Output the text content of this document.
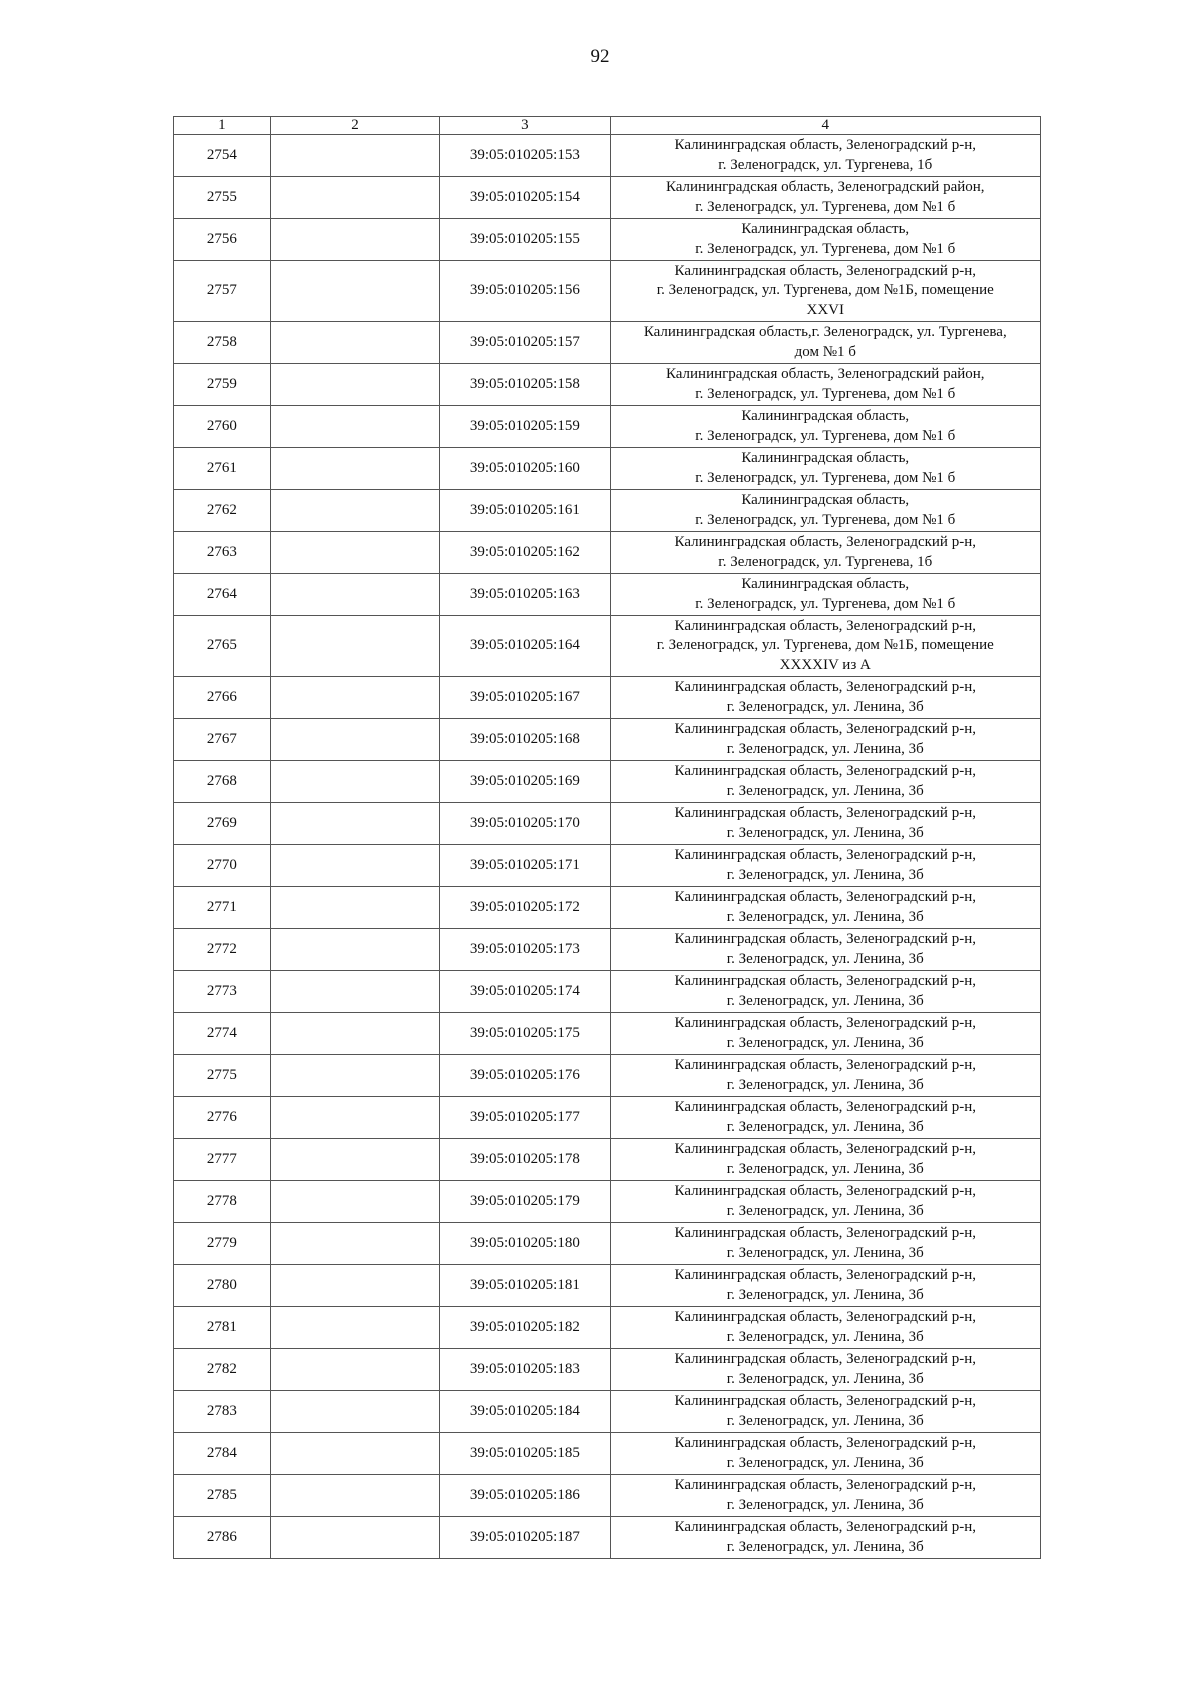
92
1	2	3	4
2754		39:05:010205:153	Калининградская область, Зеленоградский р-н,
г. Зеленоградск, ул. Тургенева, 1б

2755		39:05:010205:154	Калининградская область, Зеленоградский район,
г. Зеленоградск, ул. Тургенева, дом №1 б

2756		39:05:010205:155	Калининградская область,
г. Зеленоградск, ул. Тургенева, дом №1 б

2757		39:05:010205:156	Калининградская область, Зеленоградский р-н,
г. Зеленоградск, ул. Тургенева, дом №1Б, помещение
XXVI

2758		39:05:010205:157	Калининградская область,г. Зеленоградск, ул. Тургенева,
дом №1 б

2759		39:05:010205:158	Калининградская область, Зеленоградский район,
г. Зеленоградск, ул. Тургенева, дом №1 б

2760		39:05:010205:159	Калининградская область,
г. Зеленоградск, ул. Тургенева, дом №1 б

2761		39:05:010205:160	Калининградская область,
г. Зеленоградск, ул. Тургенева, дом №1 б

2762		39:05:010205:161	Калининградская область,
г. Зеленоградск, ул. Тургенева, дом №1 б

2763		39:05:010205:162	Калининградская область, Зеленоградский р-н,
г. Зеленоградск, ул. Тургенева, 1б

2764		39:05:010205:163	Калининградская область,
г. Зеленоградск, ул. Тургенева, дом №1 б

2765		39:05:010205:164	Калининградская область, Зеленоградский р-н,
г. Зеленоградск, ул. Тургенева, дом №1Б, помещение
XXXXIV из А

2766		39:05:010205:167	Калининградская область, Зеленоградский р-н,
г. Зеленоградск, ул. Ленина, 3б

2767		39:05:010205:168	Калининградская область, Зеленоградский р-н,
г. Зеленоградск, ул. Ленина, 3б

2768		39:05:010205:169	Калининградская область, Зеленоградский р-н,
г. Зеленоградск, ул. Ленина, 3б

2769		39:05:010205:170	Калининградская область, Зеленоградский р-н,
г. Зеленоградск, ул. Ленина, 3б

2770		39:05:010205:171	Калининградская область, Зеленоградский р-н,
г. Зеленоградск, ул. Ленина, 3б

2771		39:05:010205:172	Калининградская область, Зеленоградский р-н,
г. Зеленоградск, ул. Ленина, 3б

2772		39:05:010205:173	Калининградская область, Зеленоградский р-н,
г. Зеленоградск, ул. Ленина, 3б

2773		39:05:010205:174	Калининградская область, Зеленоградский р-н,
г. Зеленоградск, ул. Ленина, 3б

2774		39:05:010205:175	Калининградская область, Зеленоградский р-н,
г. Зеленоградск, ул. Ленина, 3б

2775		39:05:010205:176	Калининградская область, Зеленоградский р-н,
г. Зеленоградск, ул. Ленина, 3б

2776		39:05:010205:177	Калининградская область, Зеленоградский р-н,
г. Зеленоградск, ул. Ленина, 3б

2777		39:05:010205:178	Калининградская область, Зеленоградский р-н,
г. Зеленоградск, ул. Ленина, 3б

2778		39:05:010205:179	Калининградская область, Зеленоградский р-н,
г. Зеленоградск, ул. Ленина, 3б

2779		39:05:010205:180	Калининградская область, Зеленоградский р-н,
г. Зеленоградск, ул. Ленина, 3б

2780		39:05:010205:181	Калининградская область, Зеленоградский р-н,
г. Зеленоградск, ул. Ленина, 3б

2781		39:05:010205:182	Калининградская область, Зеленоградский р-н,
г. Зеленоградск, ул. Ленина, 3б

2782		39:05:010205:183	Калининградская область, Зеленоградский р-н,
г. Зеленоградск, ул. Ленина, 3б

2783		39:05:010205:184	Калининградская область, Зеленоградский р-н,
г. Зеленоградск, ул. Ленина, 3б

2784		39:05:010205:185	Калининградская область, Зеленоградский р-н,
г. Зеленоградск, ул. Ленина, 3б

2785		39:05:010205:186	Калининградская область, Зеленоградский р-н,
г. Зеленоградск, ул. Ленина, 3б

2786		39:05:010205:187	Калининградская область, Зеленоградский р-н,
г. Зеленоградск, ул. Ленина, 3б
